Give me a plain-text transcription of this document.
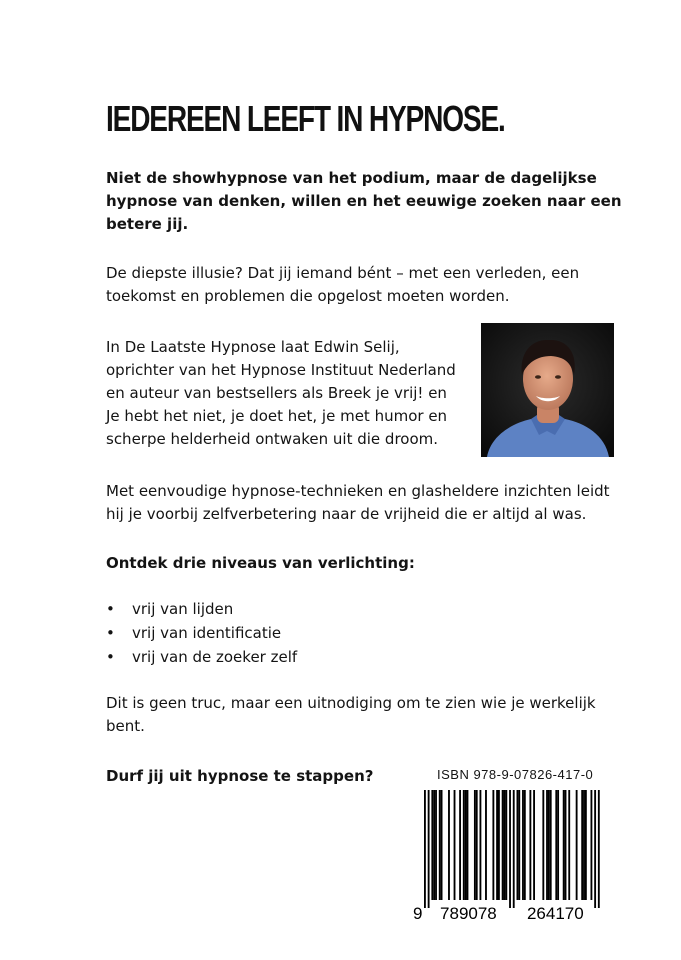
IEDEREEN LEEFT IN HYPNOSE.

Niet de showhypnose van het podium, maar de dagelijkse hypnose van denken, willen en het eeuwige zoeken naar een betere jij.

De diepste illusie? Dat jij iemand bént – met een verleden, een toekomst en problemen die opgelost moeten worden.

In De Laatste Hypnose laat Edwin Selij,

oprichter van het Hypnose Instituut Nederland

en auteur van bestsellers als Breek je vrij! en

Je hebt het niet, je doet het, je met humor en

scherpe helderheid ontwaken uit die droom.

Met eenvoudige hypnose-technieken en glasheldere inzichten leidt hij je voorbij zelfverbetering naar de vrijheid die er altijd al was.

Ontdek drie niveaus van verlichting:

• vrij van lijden
• vrij van identificatie
• vrij van de zoeker zelf

Dit is geen truc, maar een uitnodiging om te zien wie je werkelijk bent.

Durf jij uit hypnose te stappen?	ISBN 978-9-07826-417-0
9 789078 264170
